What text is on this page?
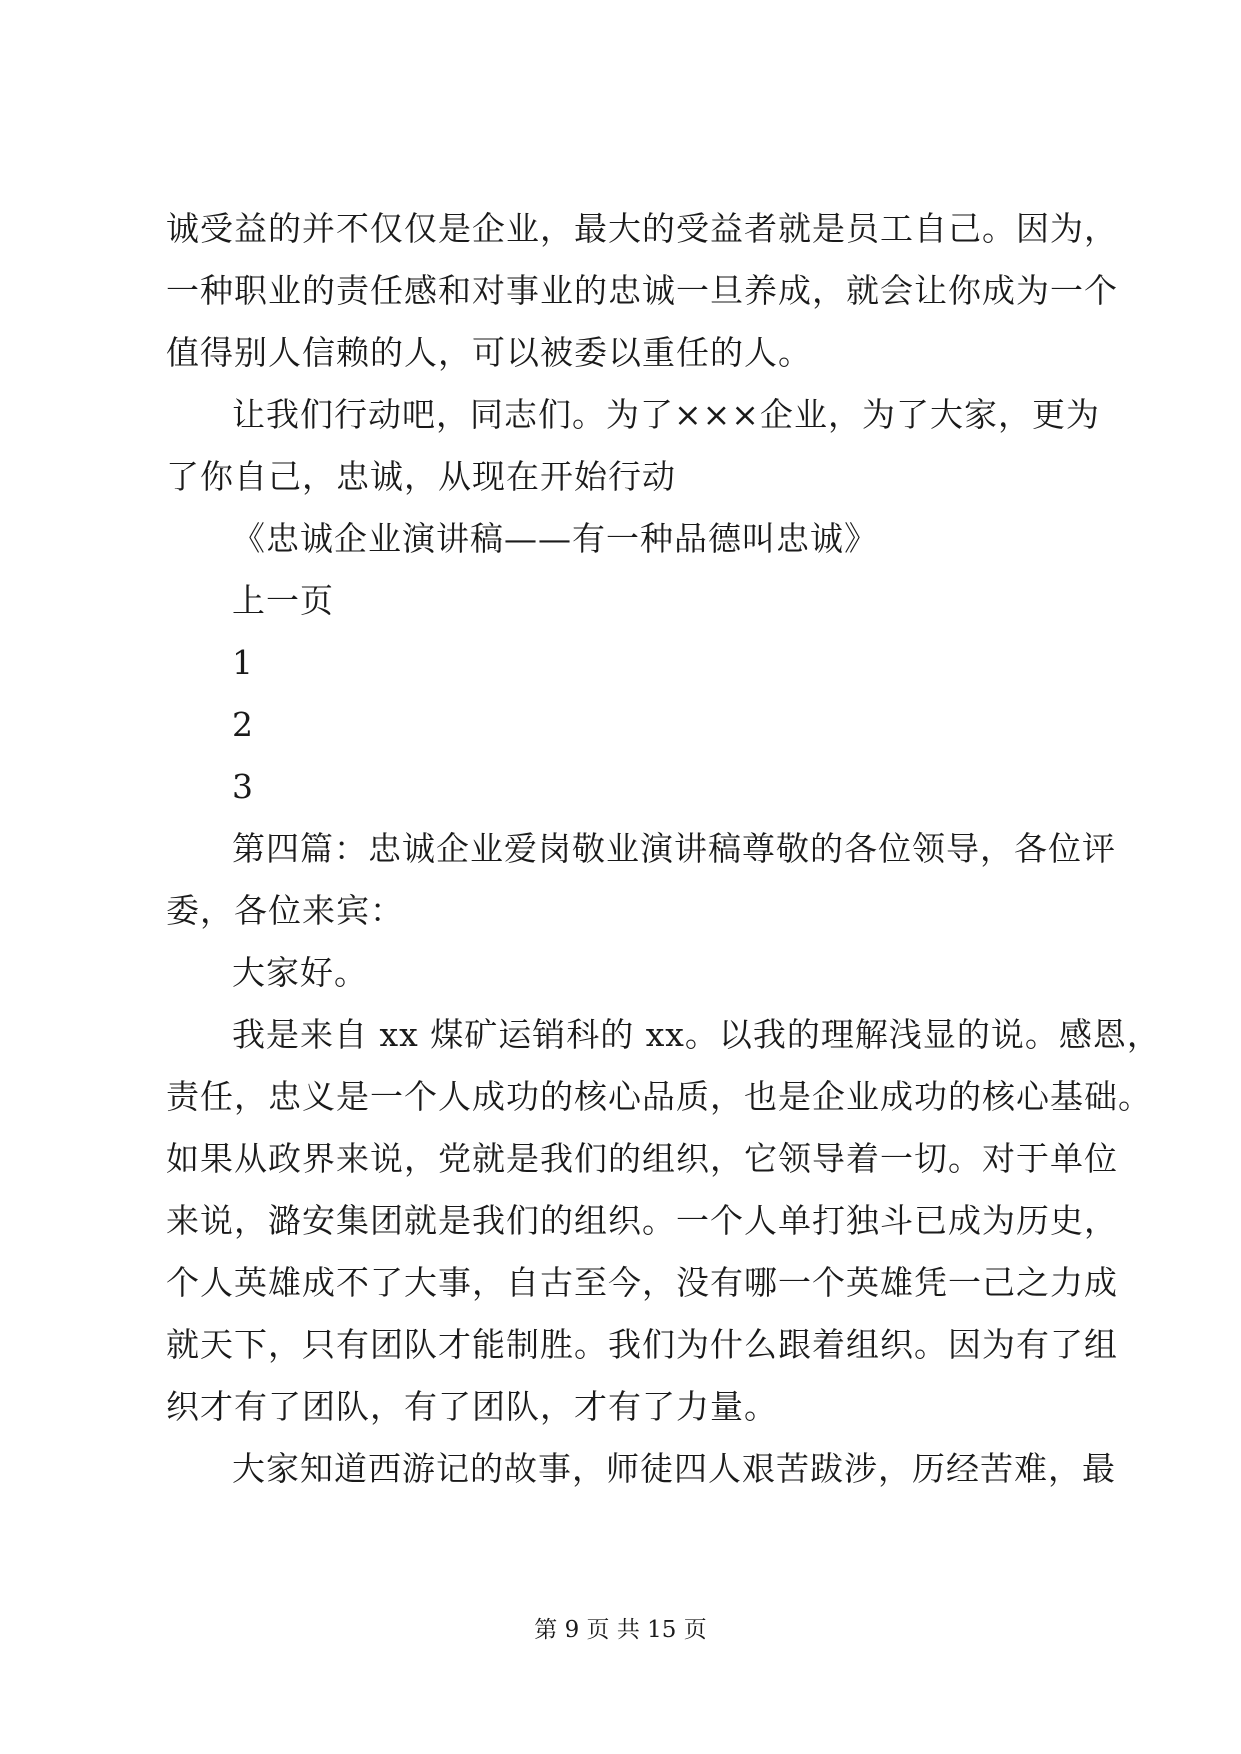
诚受益的并不仅仅是企业，最大的受益者就是员工自己。因为，
一种职业的责任感和对事业的忠诚一旦养成，就会让你成为一个
值得别人信赖的人，可以被委以重任的人。
让我们行动吧，同志们。为了×××企业，为了大家，更为
了你自己，忠诚，从现在开始行动
《忠诚企业演讲稿——有一种品德叫忠诚》
上一页
1
2
3
第四篇：忠诚企业爱岗敬业演讲稿尊敬的各位领导，各位评
委，各位来宾：
大家好。
我是来自 xx 煤矿运销科的 xx。以我的理解浅显的说。感恩，
责任，忠义是一个人成功的核心品质，也是企业成功的核心基础。
如果从政界来说，党就是我们的组织，它领导着一切。对于单位
来说，潞安集团就是我们的组织。一个人单打独斗已成为历史，
个人英雄成不了大事，自古至今，没有哪一个英雄凭一己之力成
就天下，只有团队才能制胜。我们为什么跟着组织。因为有了组
织才有了团队，有了团队，才有了力量。
大家知道西游记的故事，师徒四人艰苦跋涉，历经苦难，最
第 9 页 共 15 页
